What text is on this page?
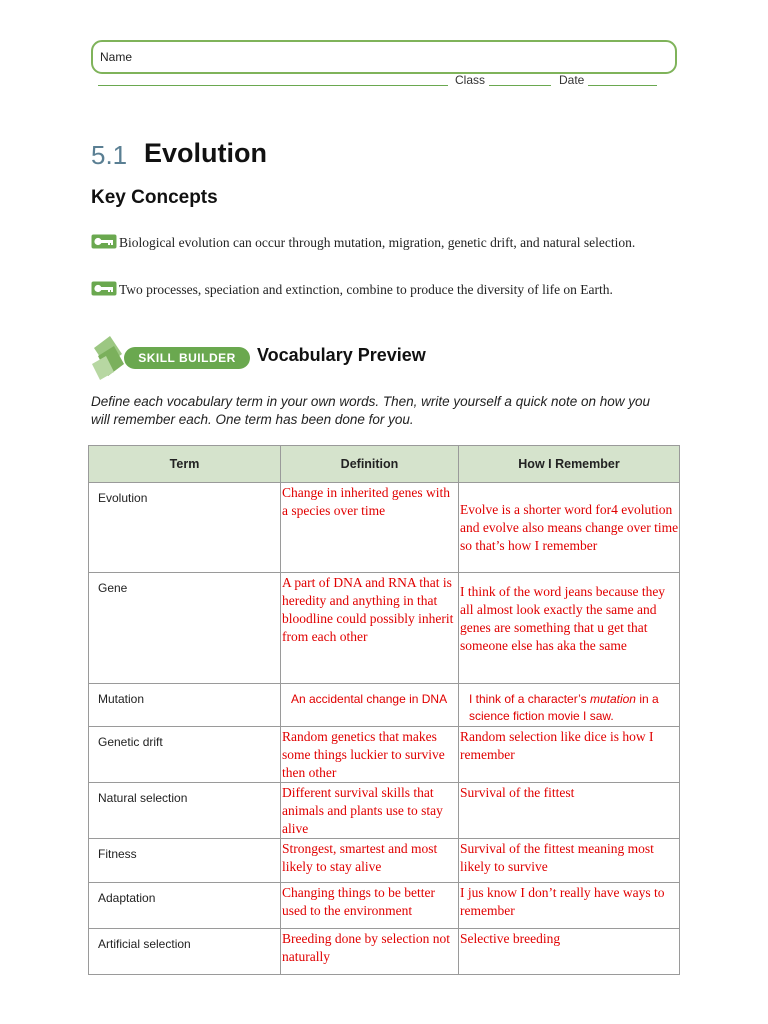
Name
Class	Date
5.1 Evolution
Key Concepts
Biological evolution can occur through mutation, migration, genetic drift, and natural selection.
Two processes, speciation and extinction, combine to produce the diversity of life on Earth.
SKILL BUILDER	Vocabulary Preview
Define each vocabulary term in your own words. Then, write yourself a quick note on how you will remember each. One term has been done for you.
Term	Definition	How I Remember
Evolution	Change in inherited genes with a species over time	Evolve is a shorter word for4 evolution and evolve also means change over time so that’s how I remember
Gene	A part of DNA and RNA that is heredity and anything in that bloodline could possibly inherit from each other	I think of the word jeans because they all almost look exactly the same and genes are something that u get that someone else has aka the same
Mutation	An accidental change in DNA	I think of a character’s mutation in a science fiction movie I saw.
Genetic drift	Random genetics that makes some things luckier to survive then other	Random selection like dice is how I remember
Natural selection	Different survival skills that animals and plants use to stay alive	Survival of the fittest
Fitness	Strongest, smartest and most likely to stay alive	Survival of the fittest meaning most likely to survive
Adaptation	Changing things to be better used to the environment	I jus know I don’t really have ways to remember
Artificial selection	Breeding done by selection not naturally	Selective breeding
